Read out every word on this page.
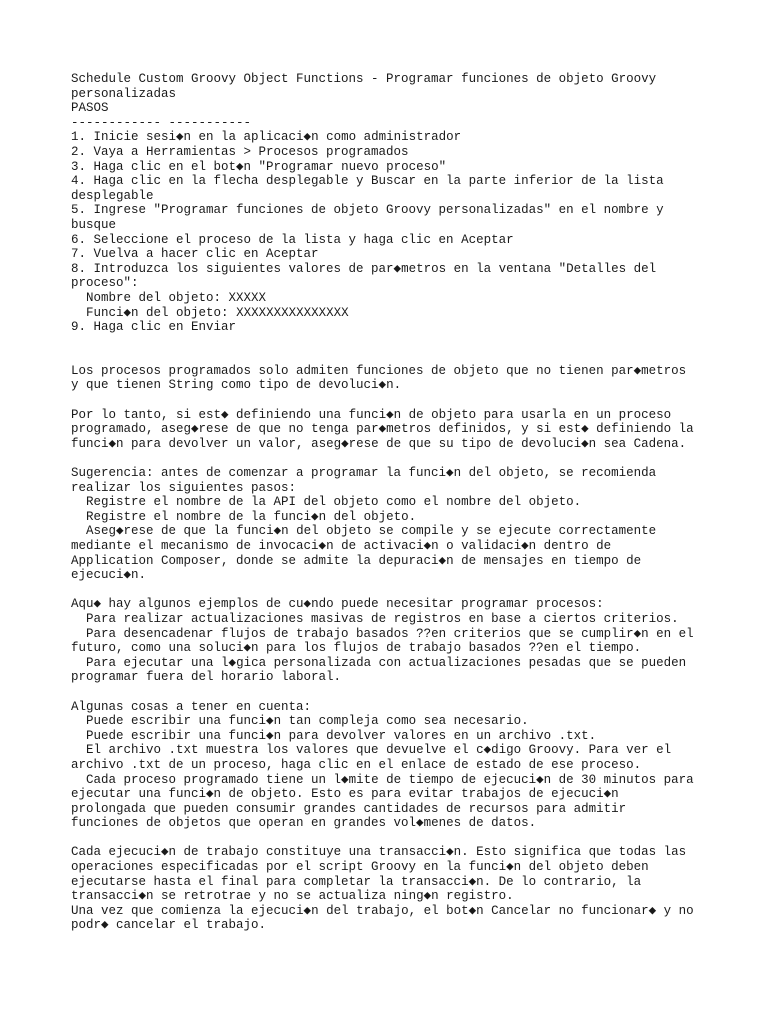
Schedule Custom Groovy Object Functions - Programar funciones de objeto Groovy
personalizadas
PASOS
------------ -----------
1. Inicie sesi◆n en la aplicaci◆n como administrador
2. Vaya a Herramientas > Procesos programados
3. Haga clic en el bot◆n "Programar nuevo proceso"
4. Haga clic en la flecha desplegable y Buscar en la parte inferior de la lista
desplegable
5. Ingrese "Programar funciones de objeto Groovy personalizadas" en el nombre y
busque
6. Seleccione el proceso de la lista y haga clic en Aceptar
7. Vuelva a hacer clic en Aceptar
8. Introduzca los siguientes valores de par◆metros en la ventana "Detalles del
proceso":
Nombre del objeto: XXXXX
Funci◆n del objeto: XXXXXXXXXXXXXXX
9. Haga clic en Enviar
Los procesos programados solo admiten funciones de objeto que no tienen par◆metros
y que tienen String como tipo de devoluci◆n.
Por lo tanto, si est◆ definiendo una funci◆n de objeto para usarla en un proceso
programado, aseg◆rese de que no tenga par◆metros definidos, y si est◆ definiendo la
funci◆n para devolver un valor, aseg◆rese de que su tipo de devoluci◆n sea Cadena.
Sugerencia: antes de comenzar a programar la funci◆n del objeto, se recomienda
realizar los siguientes pasos:
Registre el nombre de la API del objeto como el nombre del objeto.
Registre el nombre de la funci◆n del objeto.
Aseg◆rese de que la funci◆n del objeto se compile y se ejecute correctamente
mediante el mecanismo de invocaci◆n de activaci◆n o validaci◆n dentro de
Application Composer, donde se admite la depuraci◆n de mensajes en tiempo de
ejecuci◆n.
Aqu◆ hay algunos ejemplos de cu◆ndo puede necesitar programar procesos:
Para realizar actualizaciones masivas de registros en base a ciertos criterios.
Para desencadenar flujos de trabajo basados ??en criterios que se cumplir◆n en el
futuro, como una soluci◆n para los flujos de trabajo basados ??en el tiempo.
Para ejecutar una l◆gica personalizada con actualizaciones pesadas que se pueden
programar fuera del horario laboral.
Algunas cosas a tener en cuenta:
Puede escribir una funci◆n tan compleja como sea necesario.
Puede escribir una funci◆n para devolver valores en un archivo .txt.
El archivo .txt muestra los valores que devuelve el c◆digo Groovy. Para ver el
archivo .txt de un proceso, haga clic en el enlace de estado de ese proceso.
Cada proceso programado tiene un l◆mite de tiempo de ejecuci◆n de 30 minutos para
ejecutar una funci◆n de objeto. Esto es para evitar trabajos de ejecuci◆n
prolongada que pueden consumir grandes cantidades de recursos para admitir
funciones de objetos que operan en grandes vol◆menes de datos.
Cada ejecuci◆n de trabajo constituye una transacci◆n. Esto significa que todas las
operaciones especificadas por el script Groovy en la funci◆n del objeto deben
ejecutarse hasta el final para completar la transacci◆n. De lo contrario, la
transacci◆n se retrotrae y no se actualiza ning◆n registro.
Una vez que comienza la ejecuci◆n del trabajo, el bot◆n Cancelar no funcionar◆ y no
podr◆ cancelar el trabajo.
